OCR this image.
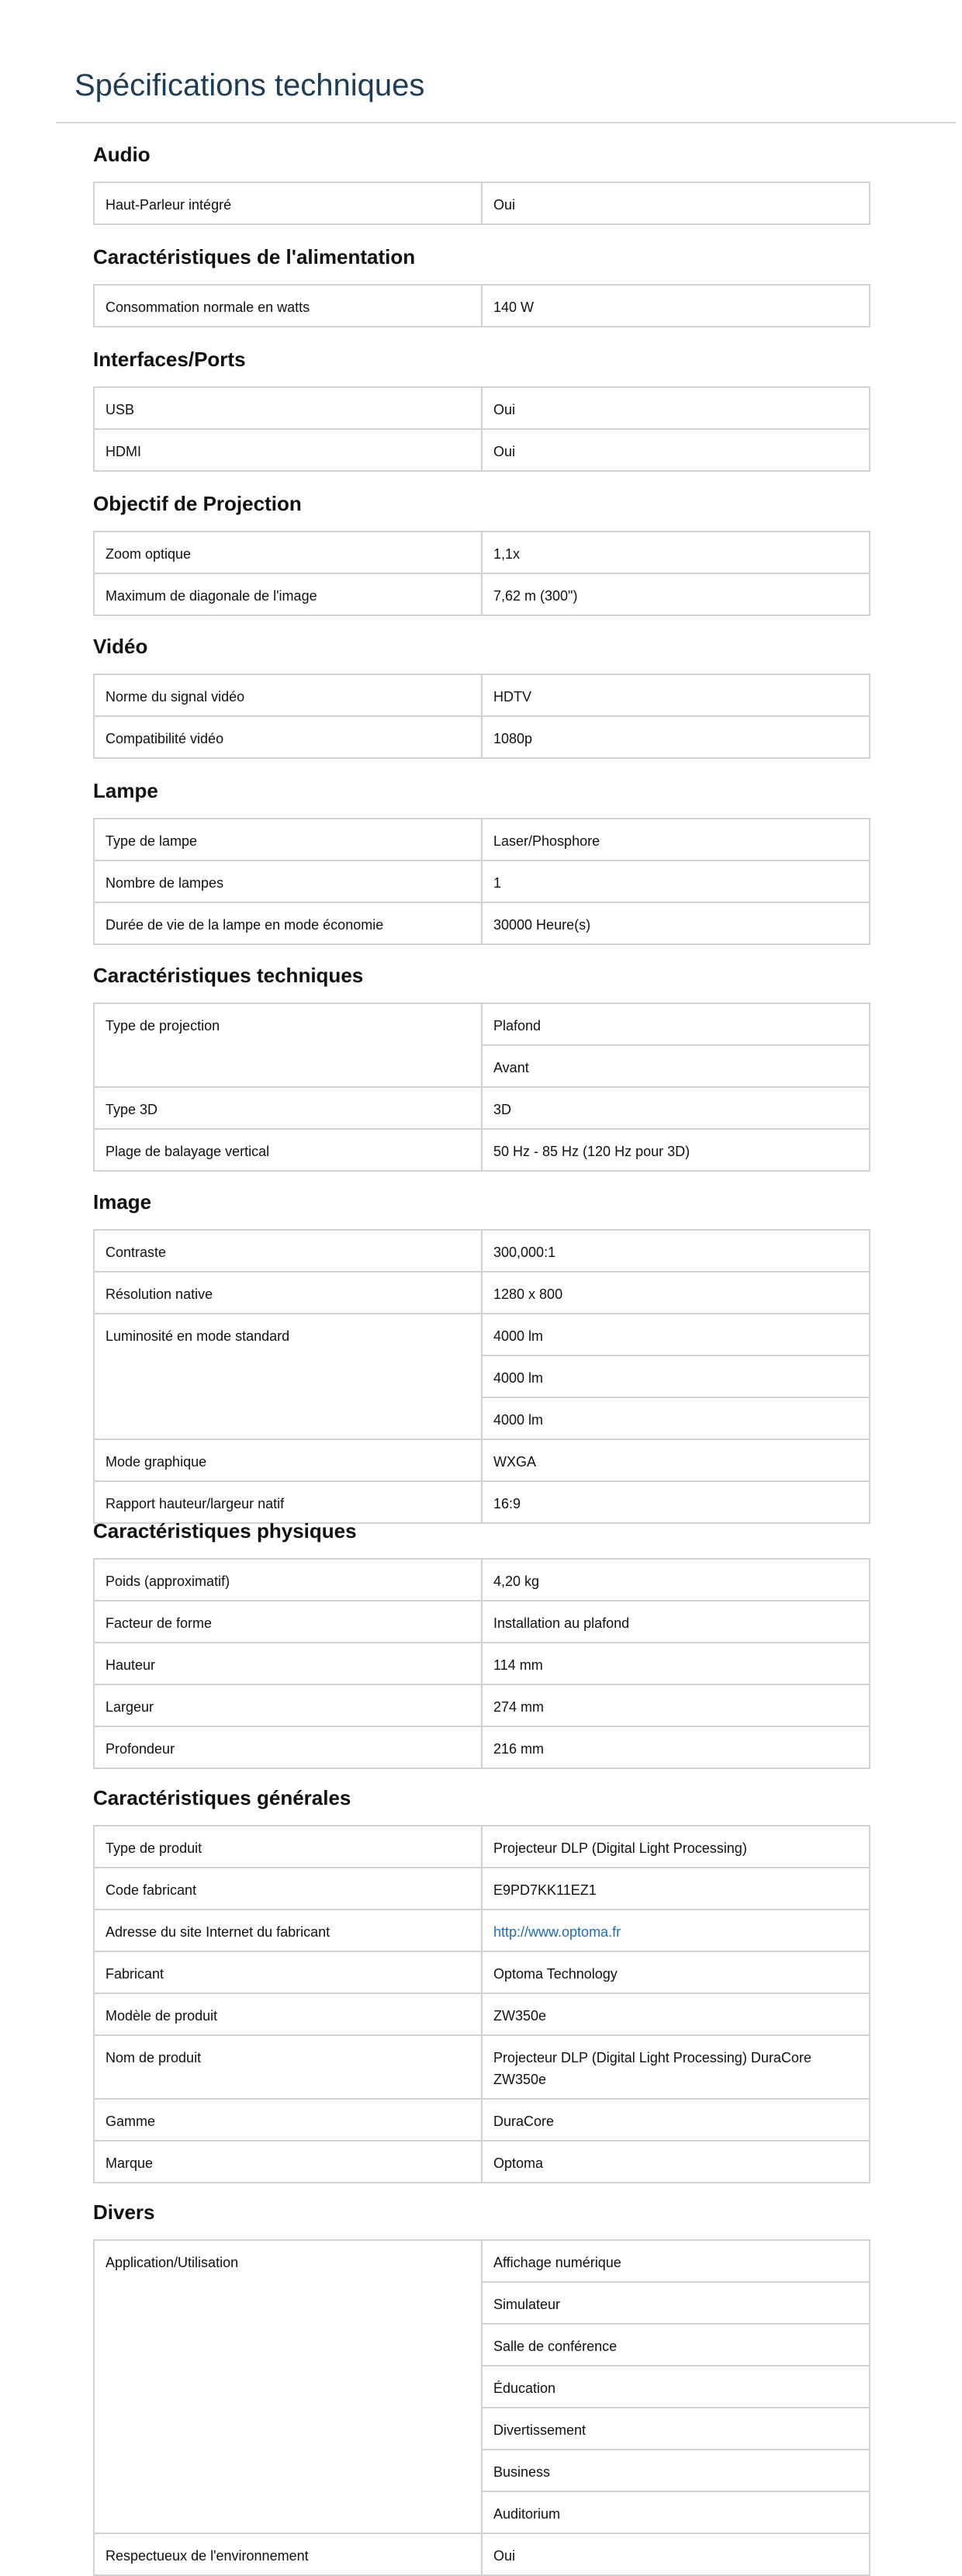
Spécifications techniques
Audio
Haut-Parleur intégré	Oui
Caractéristiques de l'alimentation
Consommation normale en watts	140 W
Interfaces/Ports
USB	Oui
HDMI	Oui
Objectif de Projection
Zoom optique	1,1x
Maximum de diagonale de l'image	7,62 m (300")
Vidéo
Norme du signal vidéo	HDTV
Compatibilité vidéo	1080p
Lampe
Type de lampe	Laser/Phosphore
Nombre de lampes	1
Durée de vie de la lampe en mode économie	30000 Heure(s)
Caractéristiques techniques
Type de projection	Plafond
	Avant
Type 3D	3D
Plage de balayage vertical	50 Hz - 85 Hz (120 Hz pour 3D)
Image
Contraste	300,000:1
Résolution native	1280 x 800
Luminosité en mode standard	4000 lm
	4000 lm
	4000 lm
Mode graphique	WXGA
Rapport hauteur/largeur natif	16:9
Caractéristiques physiques
Poids (approximatif)	4,20 kg
Facteur de forme	Installation au plafond
Hauteur	114 mm
Largeur	274 mm
Profondeur	216 mm
Caractéristiques générales
Type de produit	Projecteur DLP (Digital Light Processing)
Code fabricant	E9PD7KK11EZ1
Adresse du site Internet du fabricant	http://www.optoma.fr
Fabricant	Optoma Technology
Modèle de produit	ZW350e
Nom de produit	Projecteur DLP (Digital Light Processing) DuraCore ZW350e
Gamme	DuraCore
Marque	Optoma
Divers
Application/Utilisation	Affichage numérique
	Simulateur
	Salle de conférence
	Éducation
	Divertissement
	Business
	Auditorium
Respectueux de l'environnement	Oui
